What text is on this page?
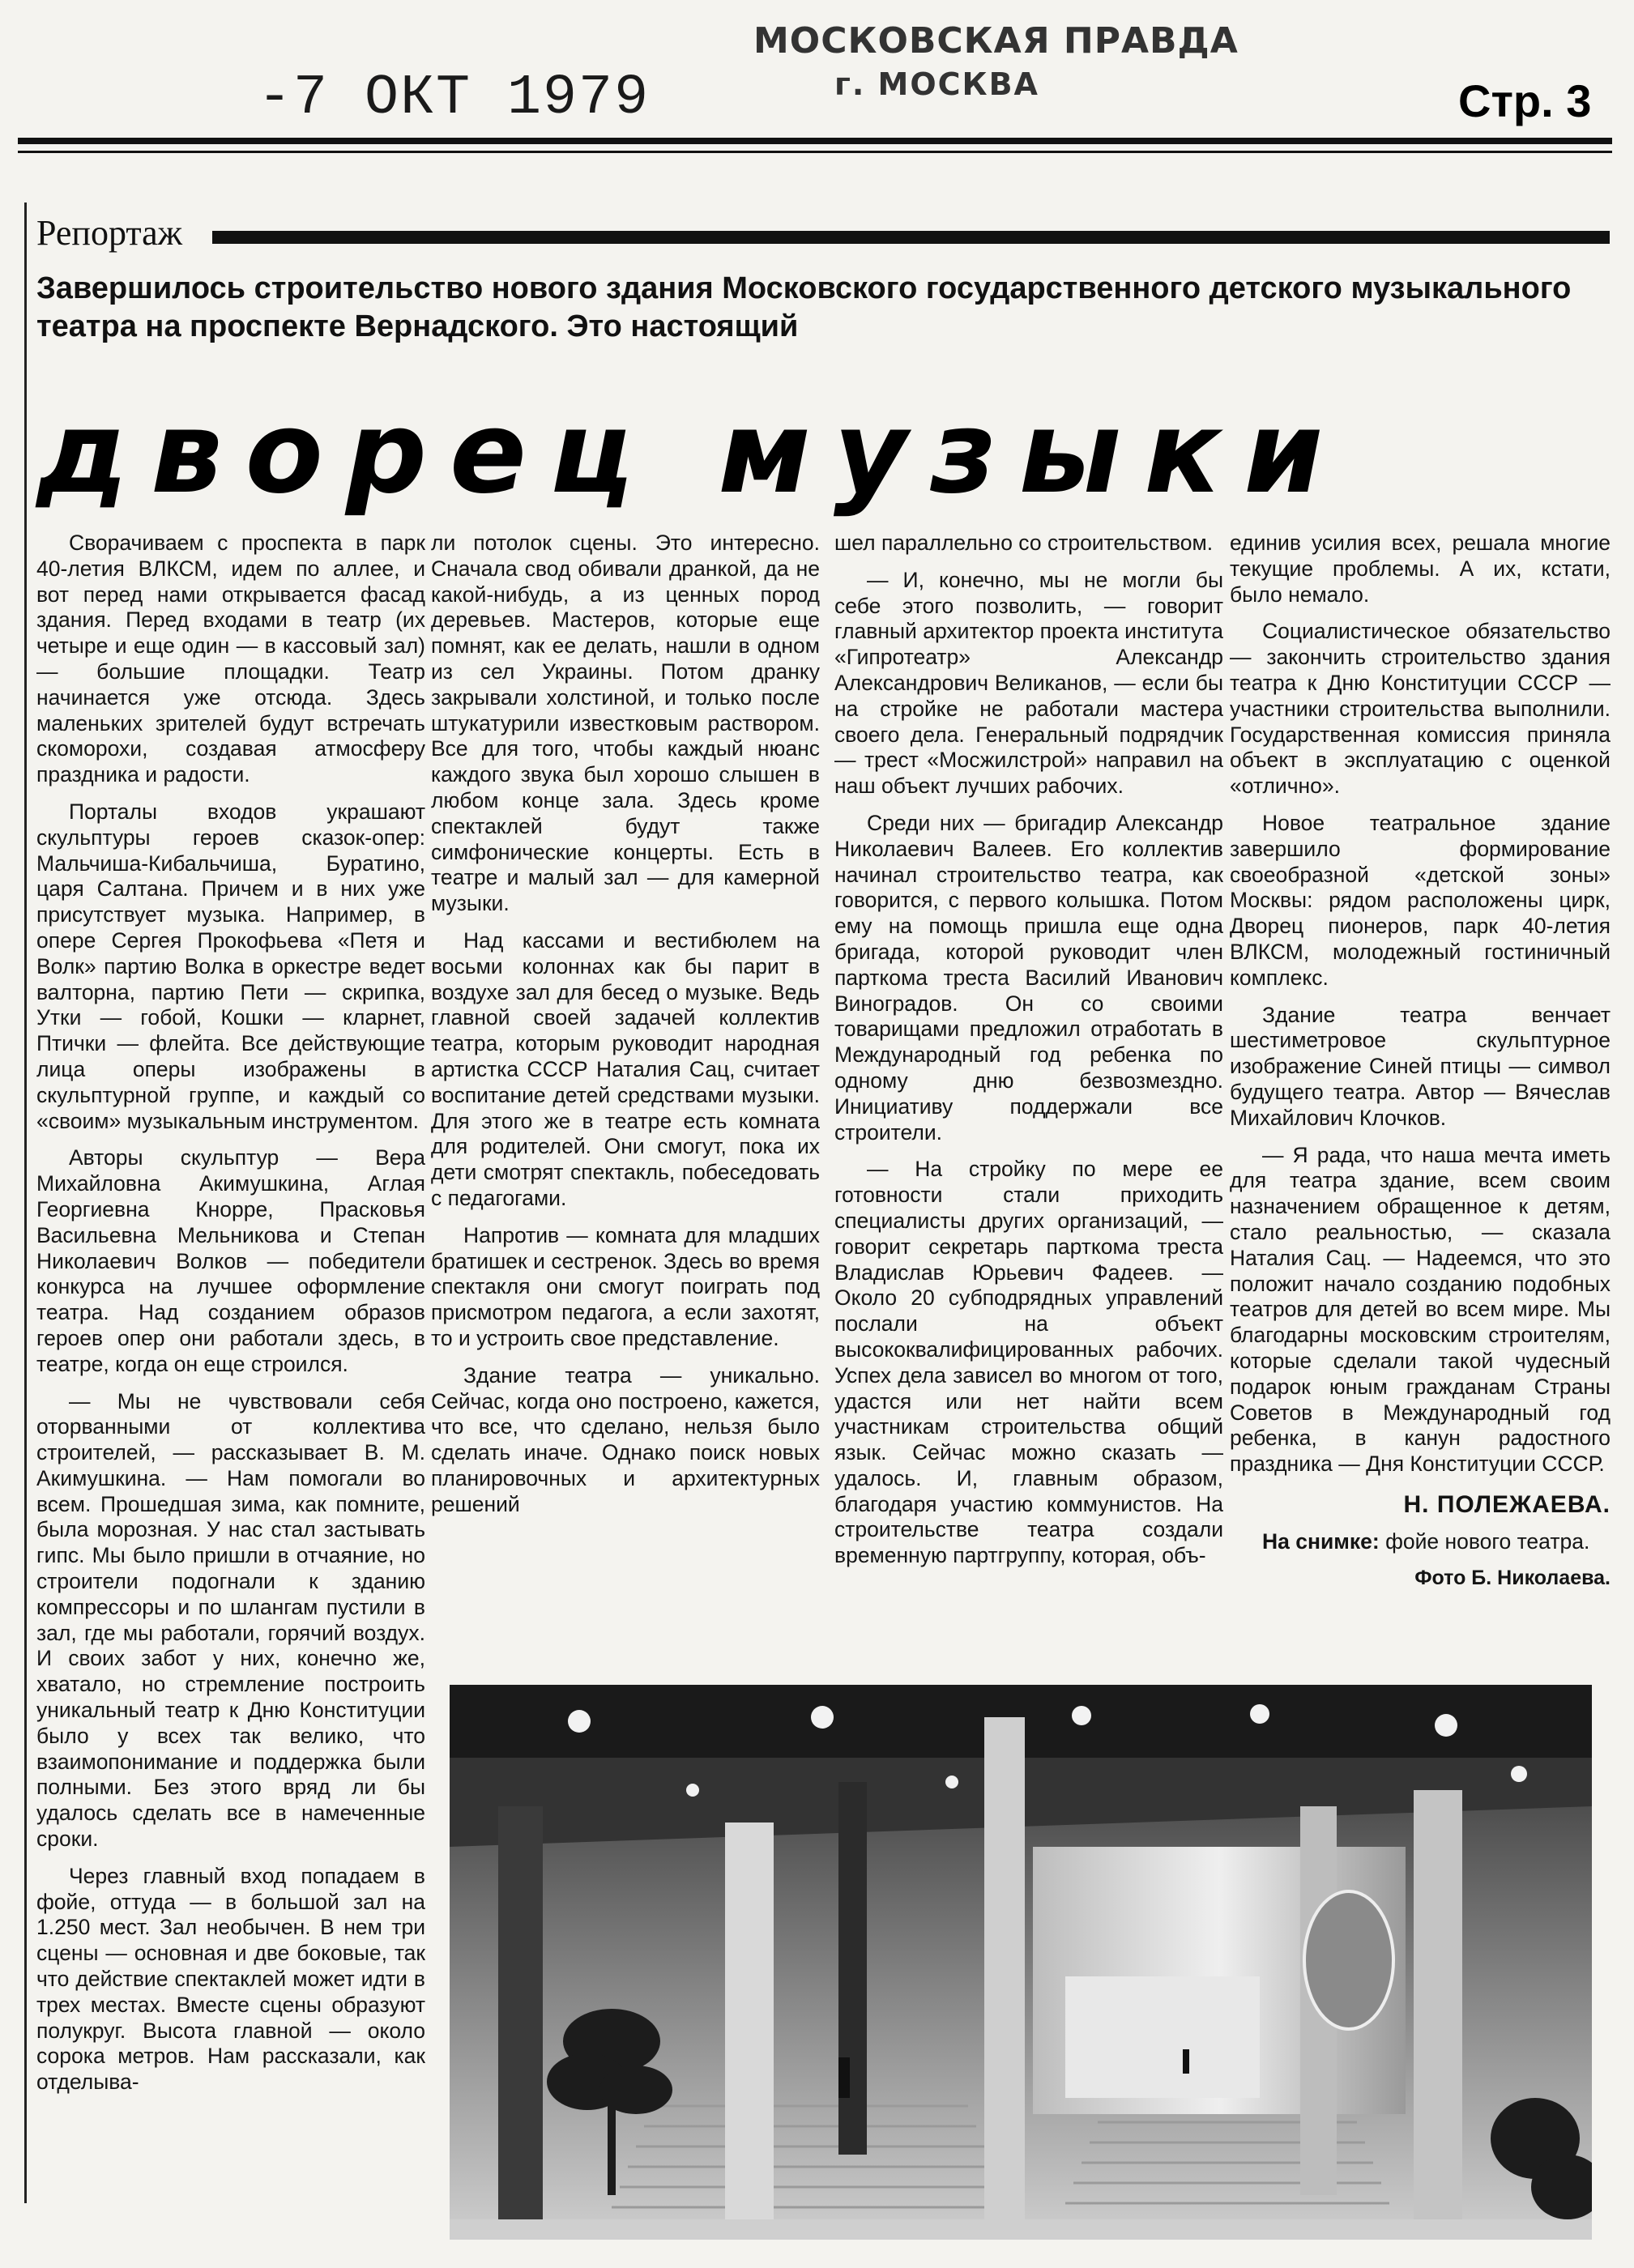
-7 ОКТ 1979
МОСКОВСКАЯ ПРАВДА
г. МОСКВА	Стр. 3
Репортаж
Завершилось строительство нового здания Московского государственного детского музыкального театра на проспекте Вернадского. Это настоящий
дворец музыки

Сворачиваем с проспекта в парк 40-летия ВЛКСМ, идем по аллее, и вот перед нами открывается фасад здания. Перед входами в театр (их четыре и еще один — в кассовый зал) — большие площадки. Театр начинается уже отсюда. Здесь маленьких зрителей будут встречать скоморохи, создавая атмосферу праздника и радости.

Порталы входов украшают скульптуры героев сказок-опер: Мальчиша-Кибальчиша, Буратино, царя Салтана. Причем и в них уже присутствует музыка. Например, в опере Сергея Прокофьева «Петя и Волк» партию Волка в оркестре ведет валторна, партию Пети — скрипка, Утки — гобой, Кошки — кларнет, Птички — флейта. Все действующие лица оперы изображены в скульптурной группе, и каждый со «своим» музыкальным инструментом.

Авторы скульптур — Вера Михайловна Акимушкина, Аглая Георгиевна Кнорре, Прасковья Васильевна Мельникова и Степан Николаевич Волков — победители конкурса на лучшее оформление театра. Над созданием образов героев опер они работали здесь, в театре, когда он еще строился.

— Мы не чувствовали себя оторванными от коллектива строителей, — рассказывает В. М. Акимушкина. — Нам помогали во всем. Прошедшая зима, как помните, была морозная. У нас стал застывать гипс. Мы было пришли в отчаяние, но строители подогнали к зданию компрессоры и по шлангам пустили в зал, где мы работали, горячий воздух. И своих забот у них, конечно же, хватало, но стремление построить уникальный театр к Дню Конституции было у всех так велико, что взаимопонимание и поддержка были полными. Без этого вряд ли бы удалось сделать все в намеченные сроки.

Через главный вход попадаем в фойе, оттуда — в большой зал на 1.250 мест. Зал необычен. В нем три сцены — основная и две боковые, так что действие спектаклей может идти в трех местах. Вместе сцены образуют полукруг. Высота главной — около сорока метров. Нам рассказали, как отделыва-

ли потолок сцены. Это интересно. Сначала свод обивали дранкой, да не какой-нибудь, а из ценных пород деревьев. Мастеров, которые еще помнят, как ее делать, нашли в одном из сел Украины. Потом дранку закрывали холстиной, и только после штукатурили известковым раствором. Все для того, чтобы каждый нюанс каждого звука был хорошо слышен в любом конце зала. Здесь кроме спектаклей будут также симфонические концерты. Есть в театре и малый зал — для камерной музыки.

Над кассами и вестибюлем на восьми колоннах как бы парит в воздухе зал для бесед о музыке. Ведь главной своей задачей коллектив театра, которым руководит народная артистка СССР Наталия Сац, считает воспитание детей средствами музыки. Для этого же в театре есть комната для родителей. Они смогут, пока их дети смотрят спектакль, побеседовать с педагогами.

Напротив — комната для младших братишек и сестренок. Здесь во время спектакля они смогут поиграть под присмотром педагога, а если захотят, то и устроить свое представление.

Здание театра — уникально. Сейчас, когда оно построено, кажется, что все, что сделано, нельзя было сделать иначе. Однако поиск новых планировочных и архитектурных решений

шел параллельно со строительством.

— И, конечно, мы не могли бы себе этого позволить, — говорит главный архитектор проекта института «Гипротеатр» Александр Александрович Великанов, — если бы на стройке не работали мастера своего дела. Генеральный подрядчик — трест «Мосжилстрой» направил на наш объект лучших рабочих.

Среди них — бригадир Александр Николаевич Валеев. Его коллектив начинал строительство театра, как говорится, с первого колышка. Потом ему на помощь пришла еще одна бригада, которой руководит член парткома треста Василий Иванович Виноградов. Он со своими товарищами предложил отработать в Международный год ребенка по одному дню безвозмездно. Инициативу поддержали все строители.

— На стройку по мере ее готовности стали приходить специалисты других организаций, — говорит секретарь парткома треста Владислав Юрьевич Фадеев. — Около 20 субподрядных управлений послали на объект высококвалифицированных рабочих. Успех дела зависел во многом от того, удастся или нет найти всем участникам строительства общий язык. Сейчас можно сказать — удалось. И, главным образом, благодаря участию коммунистов. На строительстве театра создали временную партгруппу, которая, объ-

единив усилия всех, решала многие текущие проблемы. А их, кстати, было немало.

Социалистическое обязательство — закончить строительство здания театра к Дню Конституции СССР — участники строительства выполнили. Государственная комиссия приняла объект в эксплуатацию с оценкой «отлично».

Новое театральное здание завершило формирование своеобразной «детской зоны» Москвы: рядом расположены цирк, Дворец пионеров, парк 40-летия ВЛКСМ, молодежный гостиничный комплекс.

Здание театра венчает шестиметровое скульптурное изображение Синей птицы — символ будущего театра. Автор — Вячеслав Михайлович Клочков.

— Я рада, что наша мечта иметь для театра здание, всем своим назначением обращенное к детям, стало реальностью, — сказала Наталия Сац. — Надеемся, что это положит начало созданию подобных театров для детей во всем мире. Мы благодарны московским строителям, которые сделали такой чудесный подарок юным гражданам Страны Советов в Международный год ребенка, в канун радостного праздника — Дня Конституции СССР.

Н. ПОЛЕЖАЕВА.

На снимке: фойе нового театра.

Фото Б. Николаева.
